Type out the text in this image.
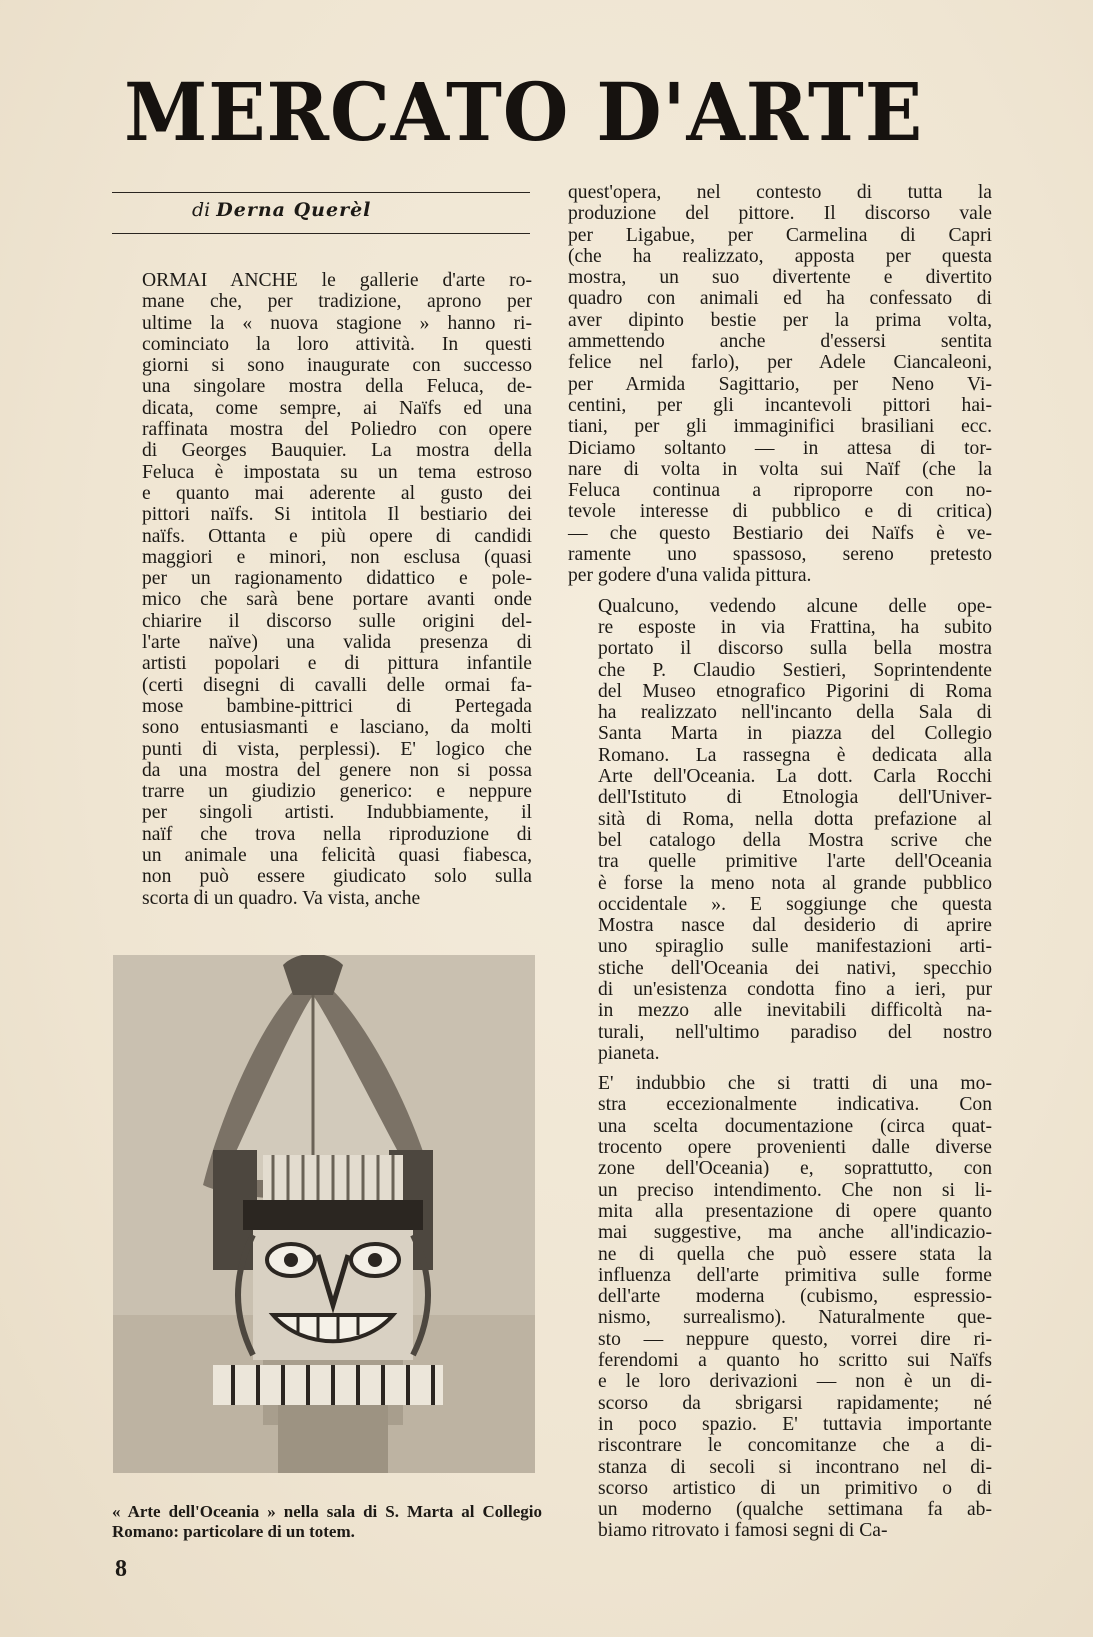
MERCATO D'ARTE
di Derna Querèl

ORMAI ANCHE le gallerie d'arte ro-
mane che, per tradizione, aprono per
ultime la « nuova stagione » hanno ri-
cominciato la loro attività. In questi
giorni si sono inaugurate con successo
una singolare mostra della Feluca, de-
dicata, come sempre, ai Naïfs ed una
raffinata mostra del Poliedro con opere
di Georges Bauquier. La mostra della
Feluca è impostata su un tema estroso
e quanto mai aderente al gusto dei
pittori naïfs. Si intitola Il bestiario dei
naïfs. Ottanta e più opere di candidi
maggiori e minori, non esclusa (quasi
per un ragionamento didattico e pole-
mico che sarà bene portare avanti onde
chiarire il discorso sulle origini del-
l'arte naïve) una valida presenza di
artisti popolari e di pittura infantile
(certi disegni di cavalli delle ormai fa-
mose bambine-pittrici di Pertegada
sono entusiasmanti e lasciano, da molti
punti di vista, perplessi). E' logico che
da una mostra del genere non si possa
trarre un giudizio generico: e neppure
per singoli artisti. Indubbiamente, il
naïf che trova nella riproduzione di
un animale una felicità quasi fiabesca,
non può essere giudicato solo sulla
scorta di un quadro. Va vista, anche

« Arte dell'Oceania » nella sala di S. Marta al Collegio Romano: particolare di un totem.

quest'opera, nel contesto di tutta la
produzione del pittore. Il discorso vale
per Ligabue, per Carmelina di Capri
(che ha realizzato, apposta per questa
mostra, un suo divertente e divertito
quadro con animali ed ha confessato di
aver dipinto bestie per la prima volta,
ammettendo anche d'essersi sentita
felice nel farlo), per Adele Ciancaleoni,
per Armida Sagittario, per Neno Vi-
centini, per gli incantevoli pittori hai-
tiani, per gli immaginifici brasiliani ecc.
Diciamo soltanto — in attesa di tor-
nare di volta in volta sui Naïf (che la
Feluca continua a riproporre con no-
tevole interesse di pubblico e di critica)
— che questo Bestiario dei Naïfs è ve-
ramente uno spassoso, sereno pretesto
per godere d'una valida pittura.

Qualcuno, vedendo alcune delle ope-
re esposte in via Frattina, ha subito
portato il discorso sulla bella mostra
che P. Claudio Sestieri, Soprintendente
del Museo etnografico Pigorini di Roma
ha realizzato nell'incanto della Sala di
Santa Marta in piazza del Collegio
Romano. La rassegna è dedicata alla
Arte dell'Oceania. La dott. Carla Rocchi
dell'Istituto di Etnologia dell'Univer-
sità di Roma, nella dotta prefazione al
bel catalogo della Mostra scrive che
tra quelle primitive l'arte dell'Oceania
è forse la meno nota al grande pubblico
occidentale ». E soggiunge che questa
Mostra nasce dal desiderio di aprire
uno spiraglio sulle manifestazioni arti-
stiche dell'Oceania dei nativi, specchio
di un'esistenza condotta fino a ieri, pur
in mezzo alle inevitabili difficoltà na-
turali, nell'ultimo paradiso del nostro
pianeta.

E' indubbio che si tratti di una mo-
stra eccezionalmente indicativa. Con
una scelta documentazione (circa quat-
trocento opere provenienti dalle diverse
zone dell'Oceania) e, soprattutto, con
un preciso intendimento. Che non si li-
mita alla presentazione di opere quanto
mai suggestive, ma anche all'indicazio-
ne di quella che può essere stata la
influenza dell'arte primitiva sulle forme
dell'arte moderna (cubismo, espressio-
nismo, surrealismo). Naturalmente que-
sto — neppure questo, vorrei dire ri-
ferendomi a quanto ho scritto sui Naïfs
e le loro derivazioni — non è un di-
scorso da sbrigarsi rapidamente; né
in poco spazio. E' tuttavia importante
riscontrare le concomitanze che a di-
stanza di secoli si incontrano nel di-
scorso artistico di un primitivo o di
un moderno (qualche settimana fa ab-
biamo ritrovato i famosi segni di Ca-

8
